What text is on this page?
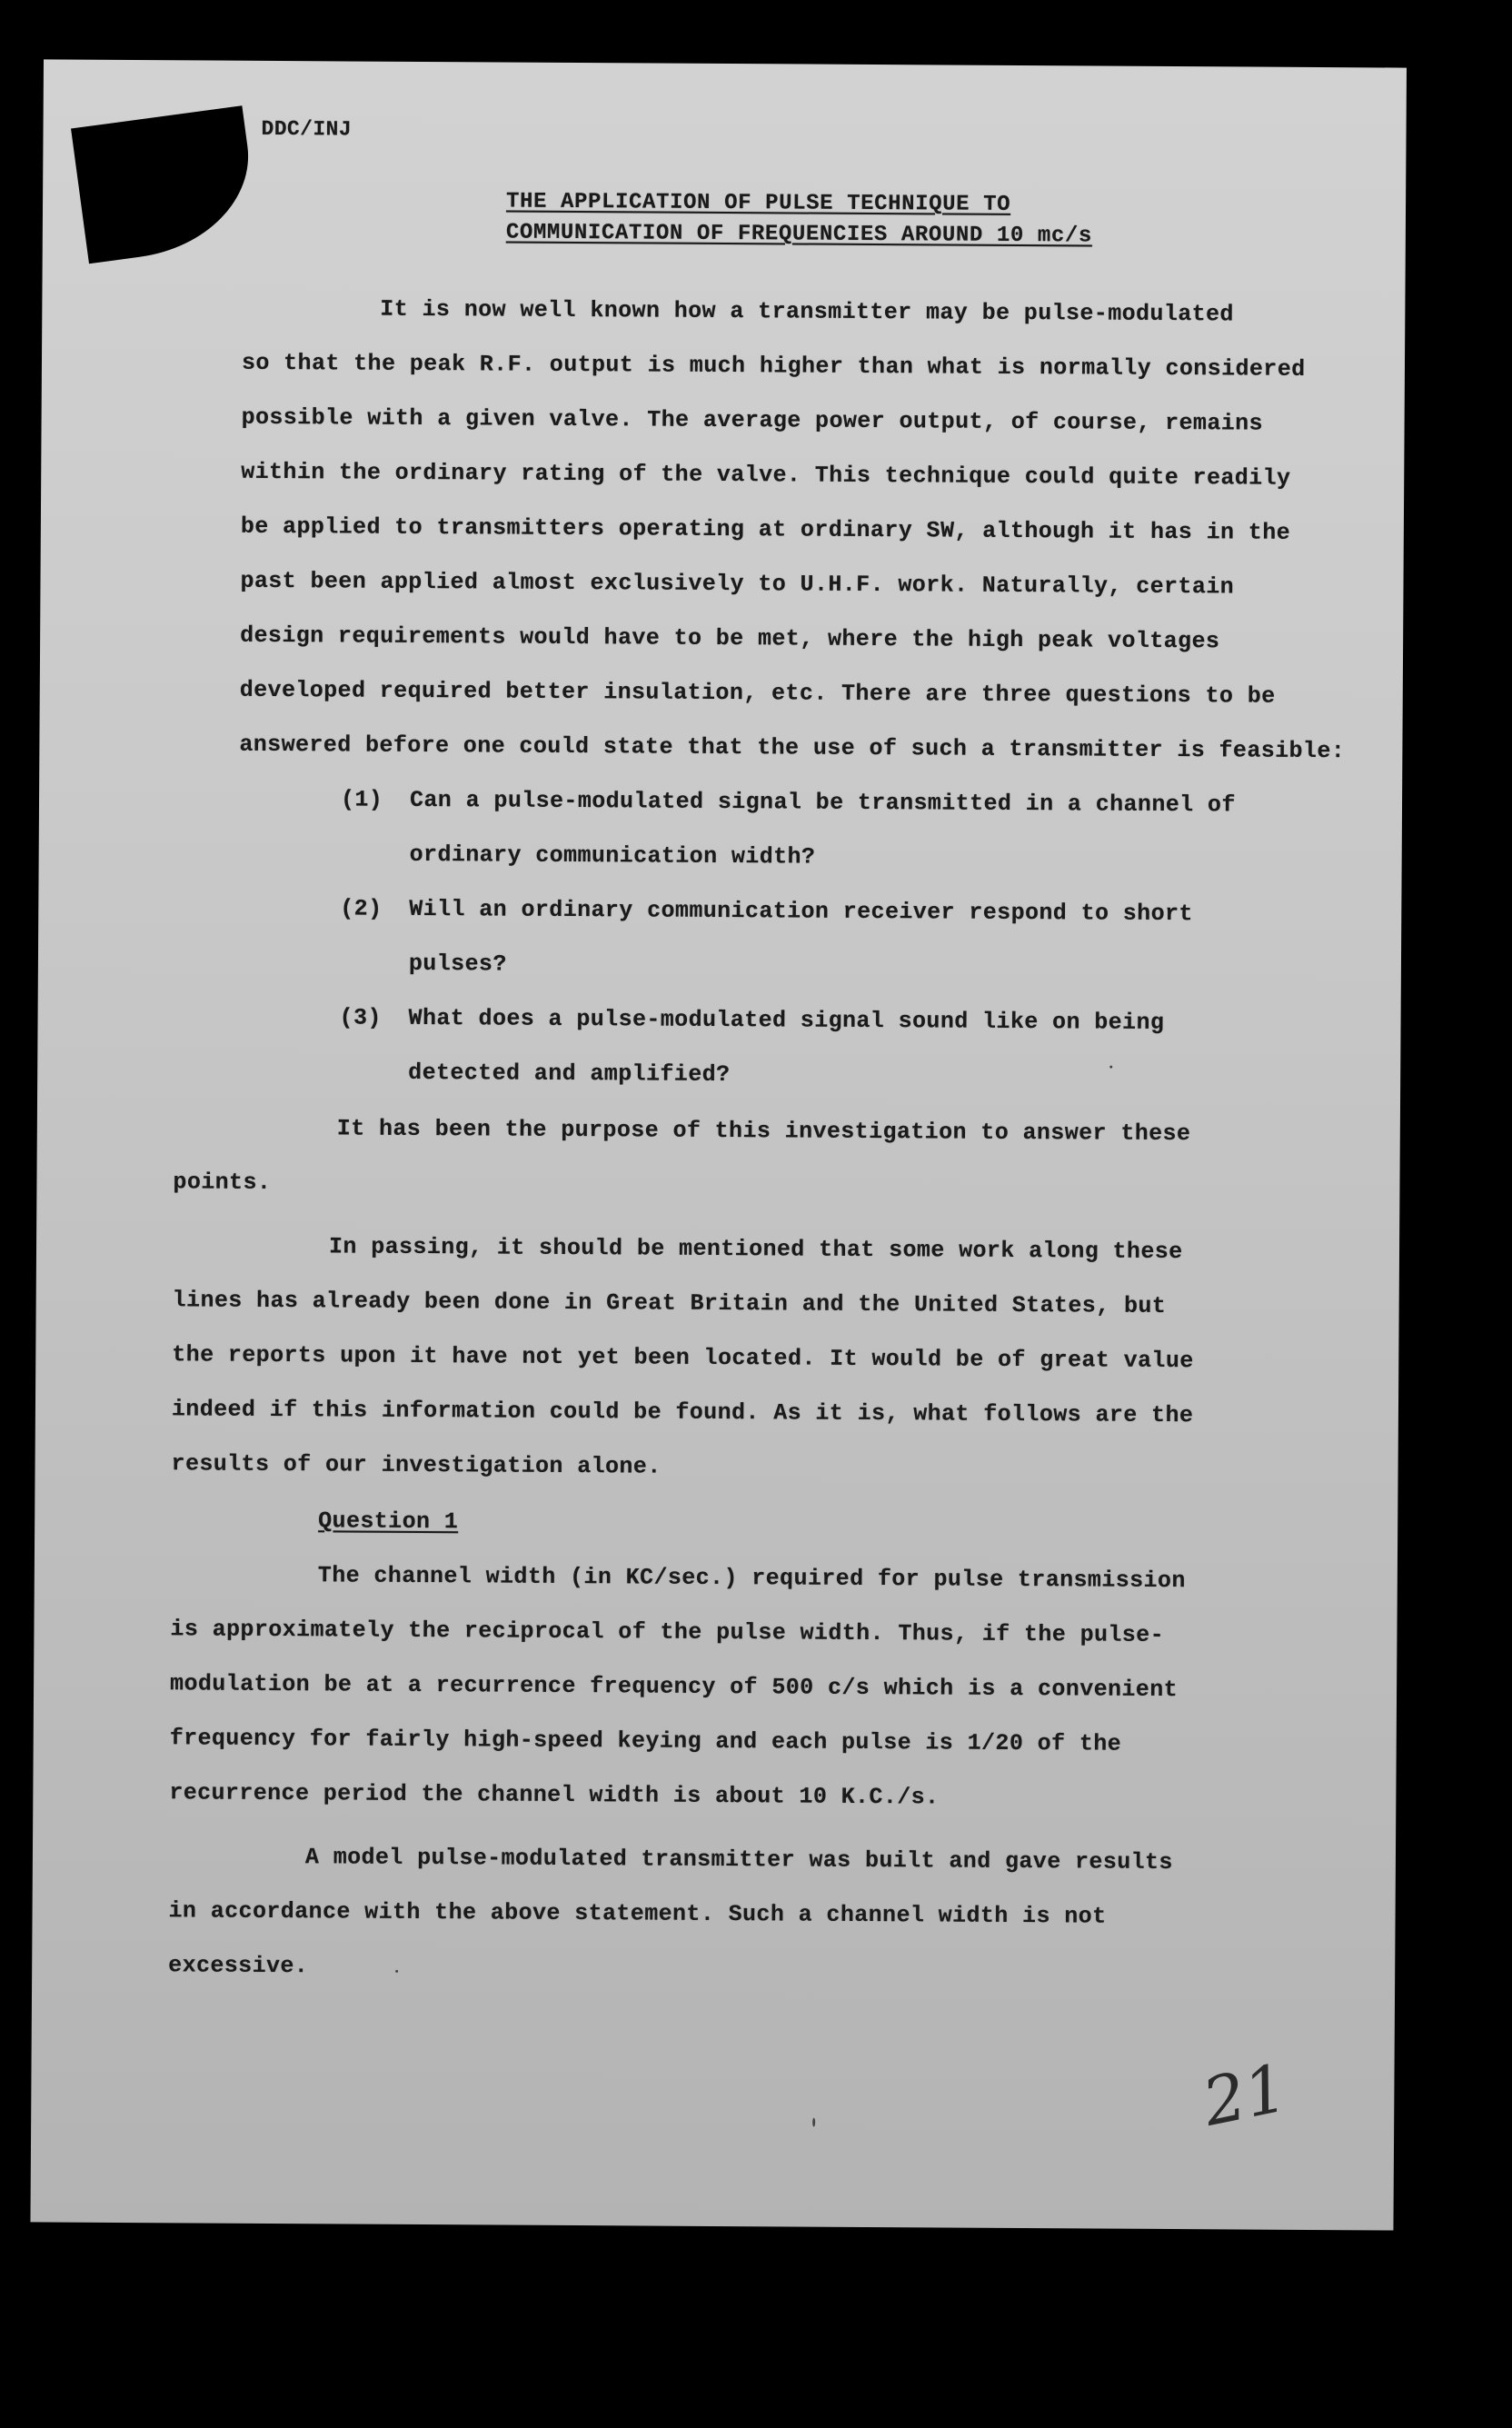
DDC/INJ
THE APPLICATION OF PULSE TECHNIQUE TO
COMMUNICATION OF FREQUENCIES AROUND 10 mc/s
It is now well known how a transmitter may be pulse-modulated
so that the peak R.F. output is much higher than what is normally considered
possible with a given valve. The average power output, of course, remains
within the ordinary rating of the valve. This technique could quite readily
be applied to transmitters operating at ordinary SW, although it has in the
past been applied almost exclusively to U.H.F. work. Naturally, certain
design requirements would have to be met, where the high peak voltages
developed required better insulation, etc. There are three questions to be
answered before one could state that the use of such a transmitter is feasible:
(1) Can a pulse-modulated signal be transmitted in a channel of
ordinary communication width?
(2) Will an ordinary communication receiver respond to short
pulses?
(3) What does a pulse-modulated signal sound like on being
detected and amplified?
It has been the purpose of this investigation to answer these
points.
In passing, it should be mentioned that some work along these
lines has already been done in Great Britain and the United States, but
the reports upon it have not yet been located. It would be of great value
indeed if this information could be found. As it is, what follows are the
results of our investigation alone.
Question 1
The channel width (in KC/sec.) required for pulse transmission
is approximately the reciprocal of the pulse width. Thus, if the pulse-
modulation be at a recurrence frequency of 500 c/s which is a convenient
frequency for fairly high-speed keying and each pulse is 1/20 of the
recurrence period the channel width is about 10 K.C./s.
A model pulse-modulated transmitter was built and gave results
in accordance with the above statement. Such a channel width is not
excessive.
21
